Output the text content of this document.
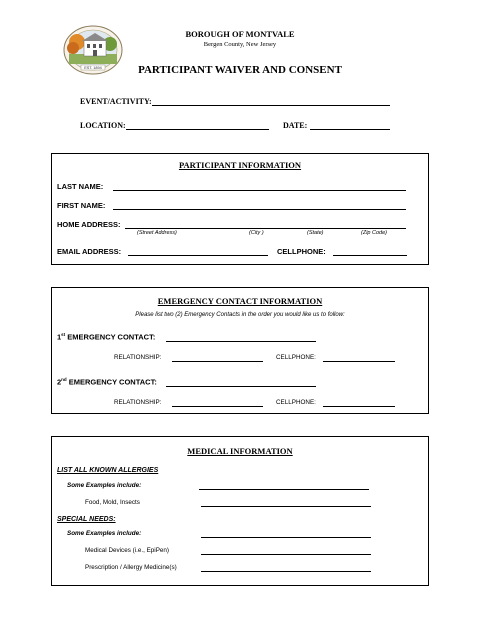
EST. 1894
BOROUGH OF MONTVALE
Bergen County, New Jersey
PARTICIPANT WAIVER AND CONSENT
EVENT/ACTIVITY:
LOCATION:	DATE:
PARTICIPANT INFORMATION
LAST NAME:
FIRST NAME:
HOME ADDRESS:
(Street Address)	(City )	(State)	(Zip Code)
EMAIL ADDRESS:	CELLPHONE:
EMERGENCY CONTACT INFORMATION
Please list two (2) Emergency Contacts in the order you would like us to follow:
1st EMERGENCY CONTACT:
RELATIONSHIP:	CELLPHONE:
2nd EMERGENCY CONTACT:
RELATIONSHIP:	CELLPHONE:
MEDICAL INFORMATION
LIST ALL KNOWN ALLERGIES
Some Examples include:
Food, Mold, Insects
SPECIAL NEEDS:
Some Examples include:
Medical Devices (i.e., EpiPen)
Prescription / Allergy Medicine(s)
